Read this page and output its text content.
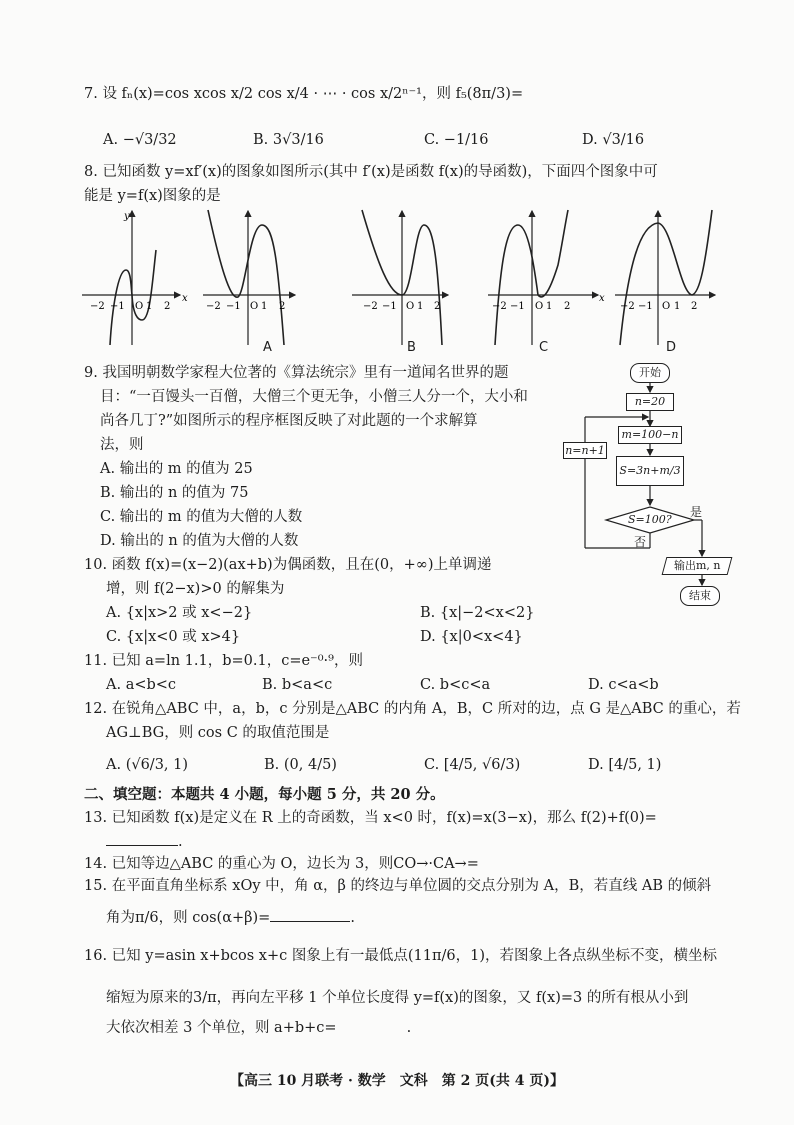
7. 设 fₙ(x)=cos xcos x/2 cos x/4 · ⋯ · cos x/2ⁿ⁻¹，则 f₅(8π/3)=
A. −√3/32	B. 3√3/16	C. −1/16	D. √3/16
8. 已知函数 y=xf′(x)的图象如图所示(其中 f′(x)是函数 f(x)的导函数)，下面四个图象中可
能是 y=f(x)图象的是
x
y
−2 −1 O 1 2	−2 −1 O 1 2	−2 −1 O 1 2	−2 −1 O 1 2
x
−2 −1 O 1 2
A	B	C	D
9. 我国明朝数学家程大位著的《算法统宗》里有一道闻名世界的题
目：“一百馒头一百僧，大僧三个更无争，小僧三人分一个，大小和
尚各几丁?”如图所示的程序框图反映了对此题的一个求解算
法，则
A. 输出的 m 的值为 25
B. 输出的 n 的值为 75
C. 输出的 m 的值为大僧的人数
D. 输出的 n 的值为大僧的人数
开始
n=20
m=100−n
n=n+1
S=3n+m/3
S=100?
是
否
输出m, n
结束
10. 函数 f(x)=(x−2)(ax+b)为偶函数，且在(0，+∞)上单调递
增，则 f(2−x)>0 的解集为
A. {x|x>2 或 x<−2}	B. {x|−2<x<2}
C. {x|x<0 或 x>4}	D. {x|0<x<4}
11. 已知 a=ln 1.1，b=0.1，c=e⁻⁰·⁹，则
A. a<b<c	B. b<a<c	C. b<c<a	D. c<a<b
12. 在锐角△ABC 中，a，b，c 分别是△ABC 的内角 A，B，C 所对的边，点 G 是△ABC 的重心，若
AG⊥BG，则 cos C 的取值范围是
A. (√6/3, 1)	B. (0, 4/5)	C. [4/5, √6/3)	D. [4/5, 1)
二、填空题：本题共 4 小题，每小题 5 分，共 20 分。
13. 已知函数 f(x)是定义在 R 上的奇函数，当 x<0 时，f(x)=x(3−x)，那么 f(2)+f(0)=
.
14. 已知等边△ABC 的重心为 O，边长为 3，则CO→·CA→=
15. 在平面直角坐标系 xOy 中，角 α，β 的终边与单位圆的交点分别为 A，B，若直线 AB 的倾斜
角为π/6，则 cos(α+β)=	.
16. 已知 y=asin x+bcos x+c 图象上有一最低点(11π/6，1)，若图象上各点纵坐标不变，横坐标
缩短为原来的3/π，再向左平移 1 个单位长度得 y=f(x)的图象，又 f(x)=3 的所有根从小到
大依次相差 3 个单位，则 a+b+c=	.
【高三 10 月联考 · 数学　文科　第 2 页(共 4 页)】
